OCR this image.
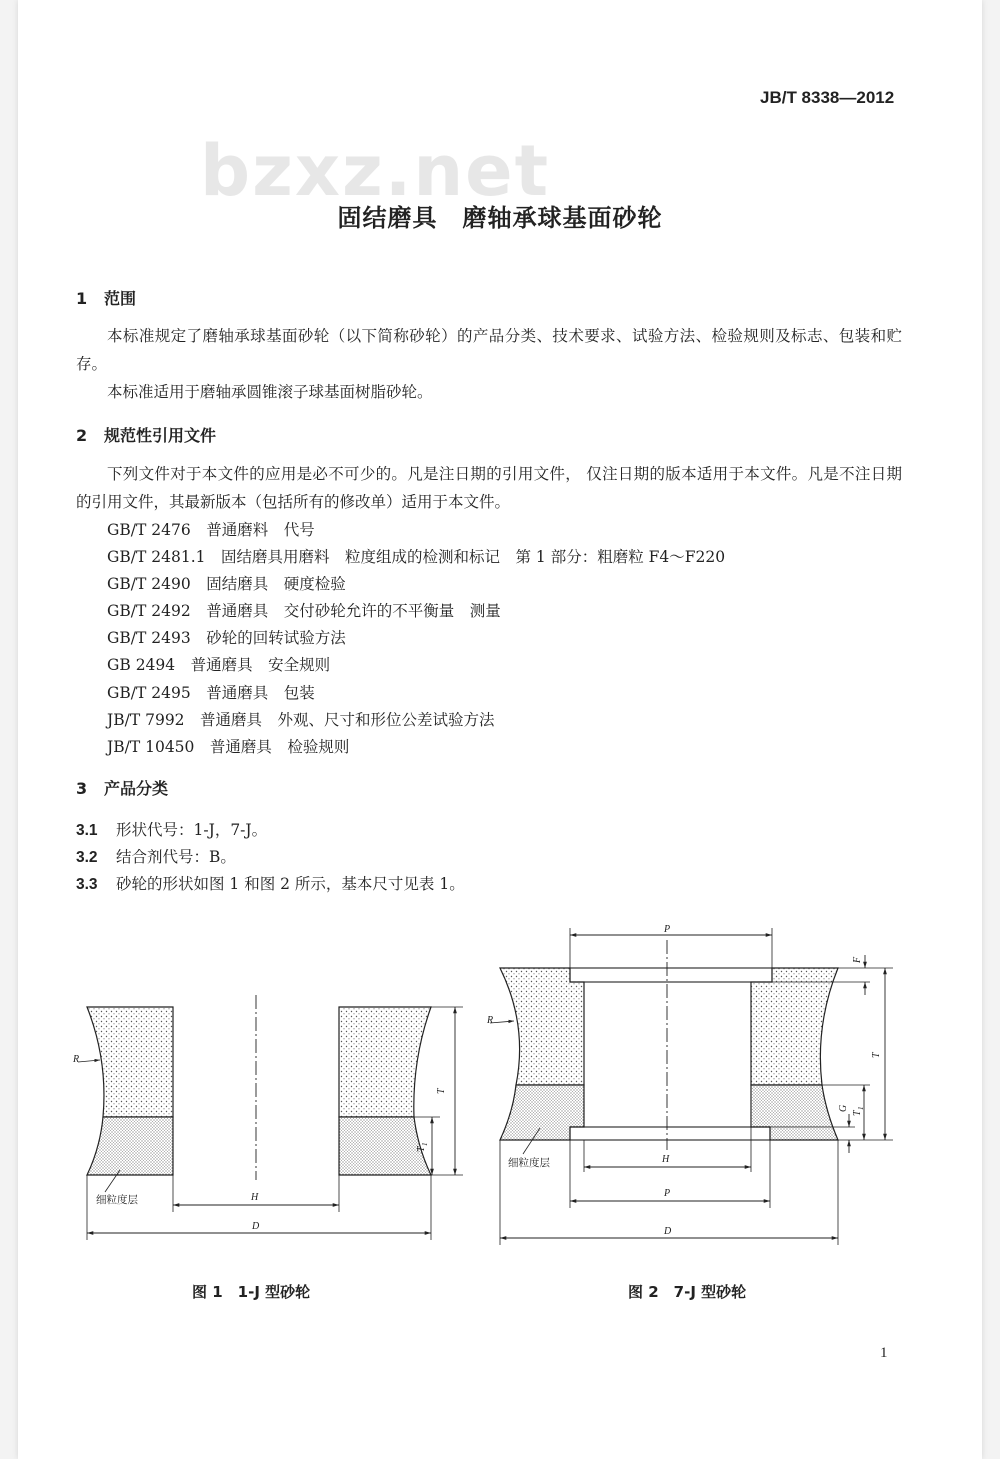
JB/T 8338—2012
bzxz.net
固结磨具　磨轴承球基面砂轮
1 范围
本标准规定了磨轴承球基面砂轮（以下简称砂轮）的产品分类、技术要求、试验方法、检验规则及标志、包装和贮存。
本标准适用于磨轴承圆锥滚子球基面树脂砂轮。
2 规范性引用文件
下列文件对于本文件的应用是必不可少的。凡是注日期的引用文件， 仅注日期的版本适用于本文件。凡是不注日期的引用文件，其最新版本（包括所有的修改单）适用于本文件。
GB/T 2476　普通磨料　代号
GB/T 2481.1　固结磨具用磨料　粒度组成的检测和标记　第 1 部分：粗磨粒 F4～F220
GB/T 2490　固结磨具　硬度检验
GB/T 2492　普通磨具　交付砂轮允许的不平衡量　测量
GB/T 2493　砂轮的回转试验方法
GB 2494　普通磨具　安全规则
GB/T 2495　普通磨具　包装
JB/T 7992　普通磨具　外观、尺寸和形位公差试验方法
JB/T 10450　普通磨具　检验规则
3 产品分类
3.1 形状代号：1-J，7-J。
3.2 结合剂代号：B。
3.3 砂轮的形状如图 1 和图 2 所示，基本尺寸见表 1。
R
T
T
1
H
D
细粒度层
P
F
R
T
G
T
1
H
P
D
细粒度层
图 1　1-J 型砂轮	图 2　7-J 型砂轮
1
